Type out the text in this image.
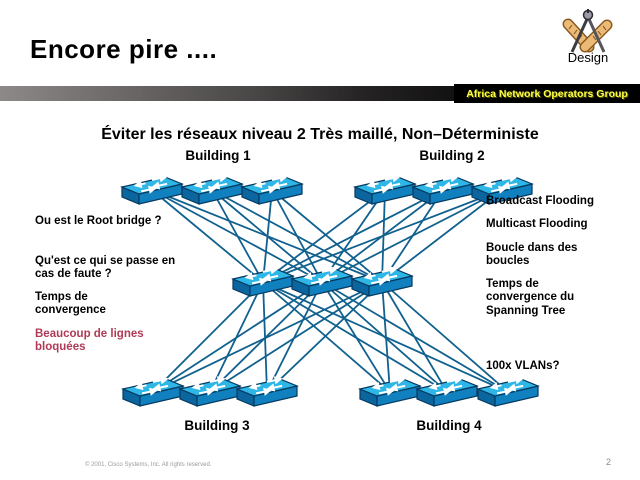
Encore pire ....	Design
Africa Network Operators Group
Éviter les réseaux niveau 2 Très maillé, Non–Déterministe
Building 1	Building 2
Building 3	Building 4
Ou est le Root bridge ?
Qu'est ce qui se passe en cas de faute ?
Temps de convergence
Beaucoup de lignes bloquées
Broadcast Flooding
Multicast Flooding
Boucle dans des boucles
Temps de convergence du Spanning Tree
100x VLANs?
© 2001, Cisco Systems, Inc. All rights reserved.	2
